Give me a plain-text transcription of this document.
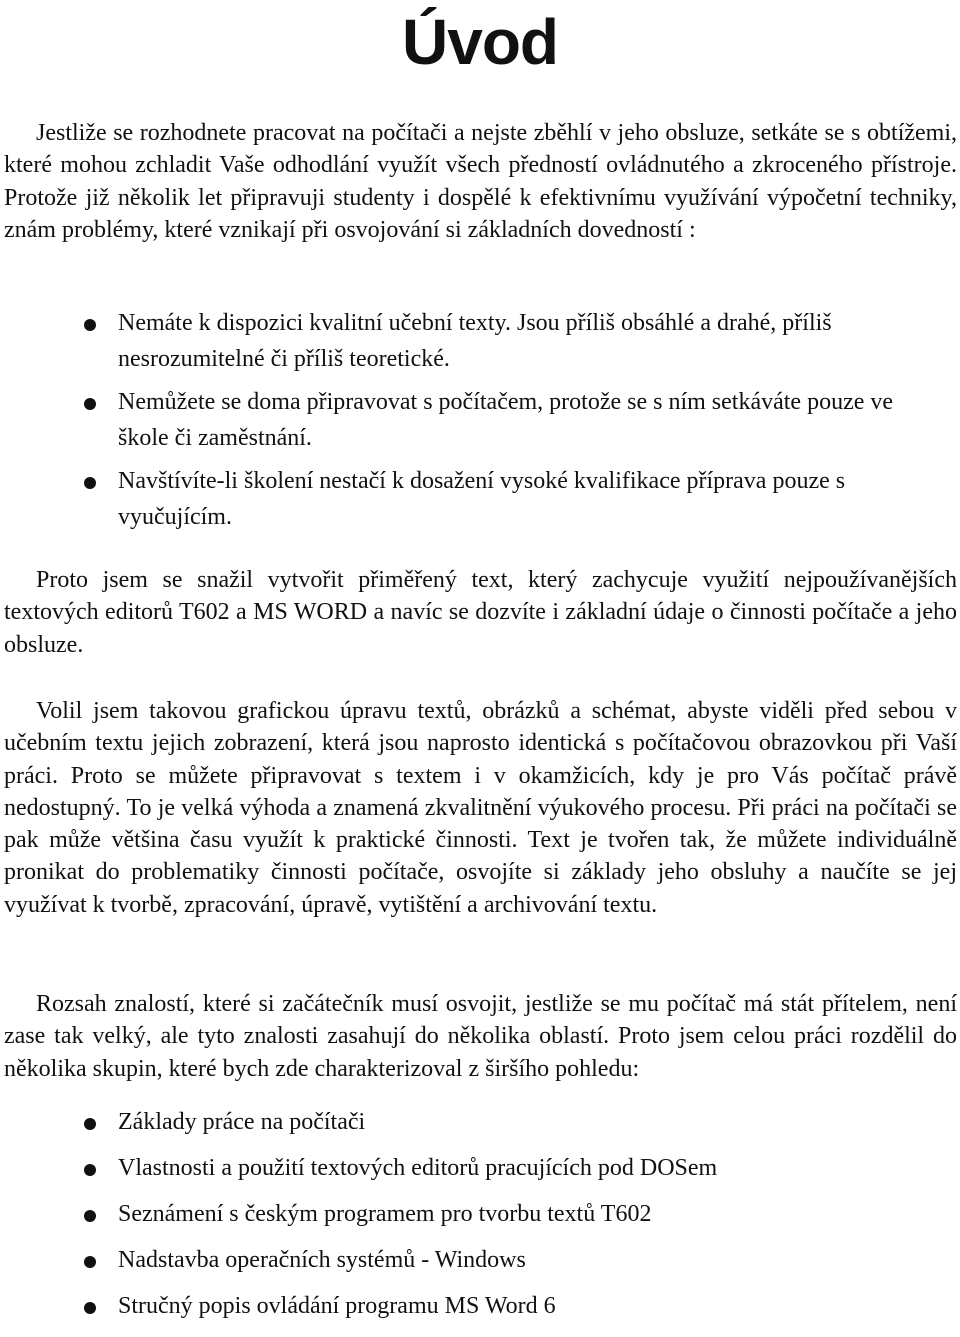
Úvod

Jestliže se rozhodnete pracovat na počítači a nejste zběhlí v jeho obsluze, setkáte se s obtížemi, které mohou zchladit Vaše odhodlání využít všech předností ovládnutého a zkroceného přístroje. Protože již několik let připravuji studenty i dospělé k efektivnímu využívání výpočetní techniky, znám problémy, které vznikají při osvojování si základních dovedností :

Nemáte k dispozici kvalitní učební texty. Jsou příliš obsáhlé a drahé, příliš nesrozumitelné či příliš teoretické.
Nemůžete se doma připravovat s počítačem, protože se s ním setkáváte pouze ve škole či zaměstnání.
Navštívíte-li školení nestačí k dosažení vysoké kvalifikace příprava pouze s vyučujícím.

Proto jsem se snažil vytvořit přiměřený text, který zachycuje využití nejpoužívanějších textových editorů T602 a MS WORD a navíc se dozvíte i základní údaje o činnosti počítače a jeho obsluze.

Volil jsem takovou grafickou úpravu textů, obrázků a schémat, abyste viděli před sebou v učebním textu jejich zobrazení, která jsou naprosto identická s počítačovou obrazovkou při Vaší práci. Proto se můžete připravovat s textem i v okamžicích, kdy je pro Vás počítač právě nedostupný. To je velká výhoda a znamená zkvalitnění výukového procesu. Při práci na počítači se pak může většina času využít k praktické činnosti. Text je tvořen tak, že můžete individuálně pronikat do problematiky činnosti počítače, osvojíte si základy jeho obsluhy a naučíte se jej využívat k tvorbě, zpracování, úpravě, vytištění a archivování textu.

Rozsah znalostí, které si začátečník musí osvojit, jestliže se mu počítač má stát přítelem, není zase tak velký, ale tyto znalosti zasahují do několika oblastí. Proto jsem celou práci rozdělil do několika skupin, které bych zde charakterizoval z širšího pohledu:

Základy práce na počítači
Vlastnosti a použití textových editorů pracujících pod DOSem
Seznámení s českým programem pro tvorbu textů T602
Nadstavba operačních systémů - Windows
Stručný popis ovládání programu MS Word 6
